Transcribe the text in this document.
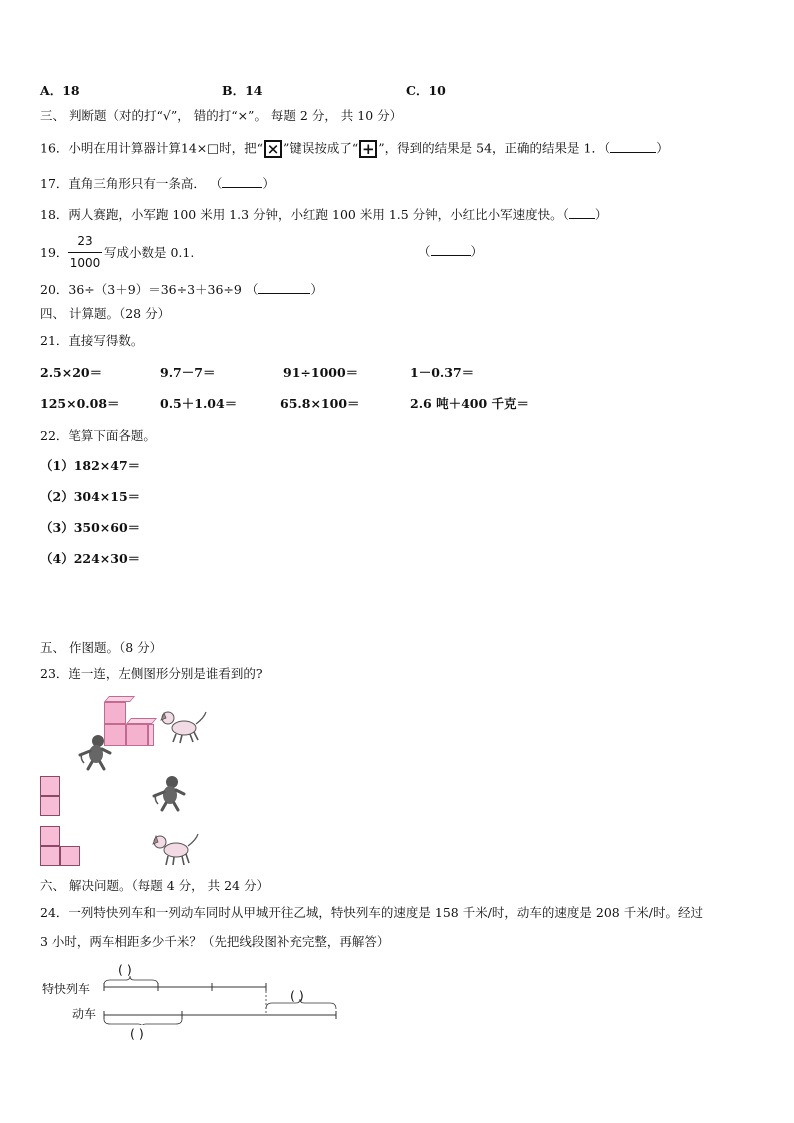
A．18	B．14	C．10
三、 判断题（对的打“√”， 错的打“×”。 每题 2 分， 共 10 分）
16．小明在用计算器计算14×□时，把“ × ”键误按成了“ + ”，得到的结果是 54，正确的结果是 1．（	）
17．直角三角形只有一条高． （	）
18．两人赛跑，小军跑 100 米用 1.3 分钟，小红跑 100 米用 1.5 分钟，小红比小军速度快。（ ）
19．
23
1000
写成小数是 0.1.	（	）
20．36÷（3＋9）＝36÷3＋36÷9 （	）
四、 计算题。（28 分）
21．直接写得数。
2.5×20＝	9.7－7＝	91÷1000＝	1－0.37＝
125×0.08＝	0.5＋1.04＝	65.8×100＝	2.6 吨＋400 千克＝
22．笔算下面各题。
（1）182×47＝
（2）304×15＝
（3）350×60＝
（4）224×30＝
五、 作图题。（8 分）
23．连一连，左侧图形分别是谁看到的?
六、 解决问题。（每题 4 分， 共 24 分）
24．一列特快列车和一列动车同时从甲城开往乙城，特快列车的速度是 158 千米/时，动车的速度是 208 千米/时。经过
3 小时，两车相距多少千米？（先把线段图补充完整，再解答）
( )
特快列车
动车
( )
( )
